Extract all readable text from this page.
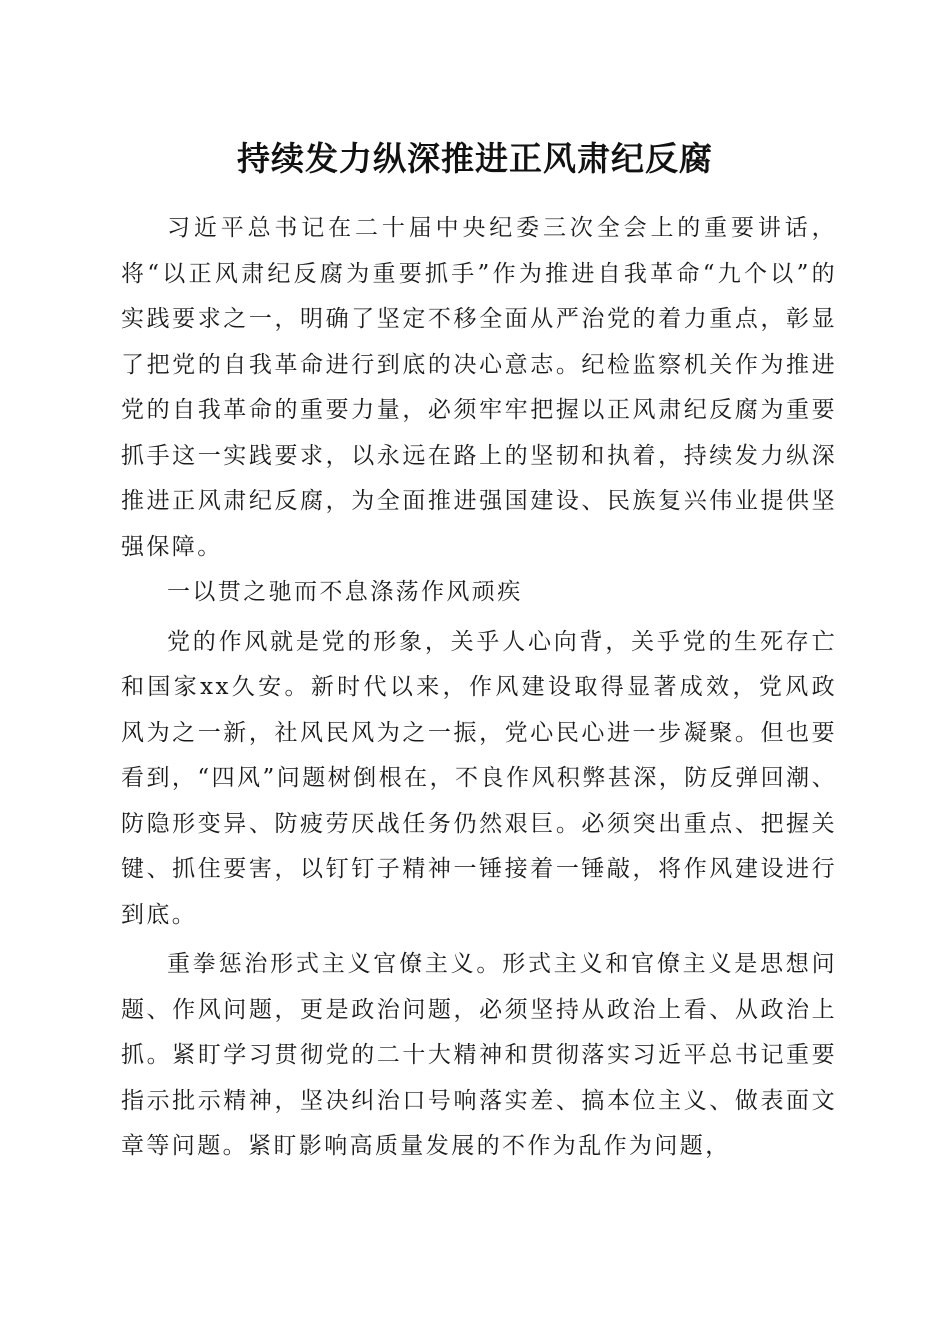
持续发力纵深推进正风肃纪反腐

习近平总书记在二十届中央纪委三次全会上的重要讲话，将“以正风肃纪反腐为重要抓手”作为推进自我革命“九个以”的实践要求之一，明确了坚定不移全面从严治党的着力重点，彰显了把党的自我革命进行到底的决心意志。纪检监察机关作为推进党的自我革命的重要力量，必须牢牢把握以正风肃纪反腐为重要抓手这一实践要求，以永远在路上的坚韧和执着，持续发力纵深推进正风肃纪反腐，为全面推进强国建设、民族复兴伟业提供坚强保障。

一以贯之驰而不息涤荡作风顽疾

党的作风就是党的形象，关乎人心向背，关乎党的生死存亡和国家xx久安。新时代以来，作风建设取得显著成效，党风政风为之一新，社风民风为之一振，党心民心进一步凝聚。但也要看到，“四风”问题树倒根在，不良作风积弊甚深，防反弹回潮、防隐形变异、防疲劳厌战任务仍然艰巨。必须突出重点、把握关键、抓住要害，以钉钉子精神一锤接着一锤敲，将作风建设进行到底。

重拳惩治形式主义官僚主义。形式主义和官僚主义是思想问题、作风问题，更是政治问题，必须坚持从政治上看、从政治上抓。紧盯学习贯彻党的二十大精神和贯彻落实习近平总书记重要指示批示精神，坚决纠治口号响落实差、搞本位主义、做表面文章等问题。紧盯影响高质量发展的不作为乱作为问题，
